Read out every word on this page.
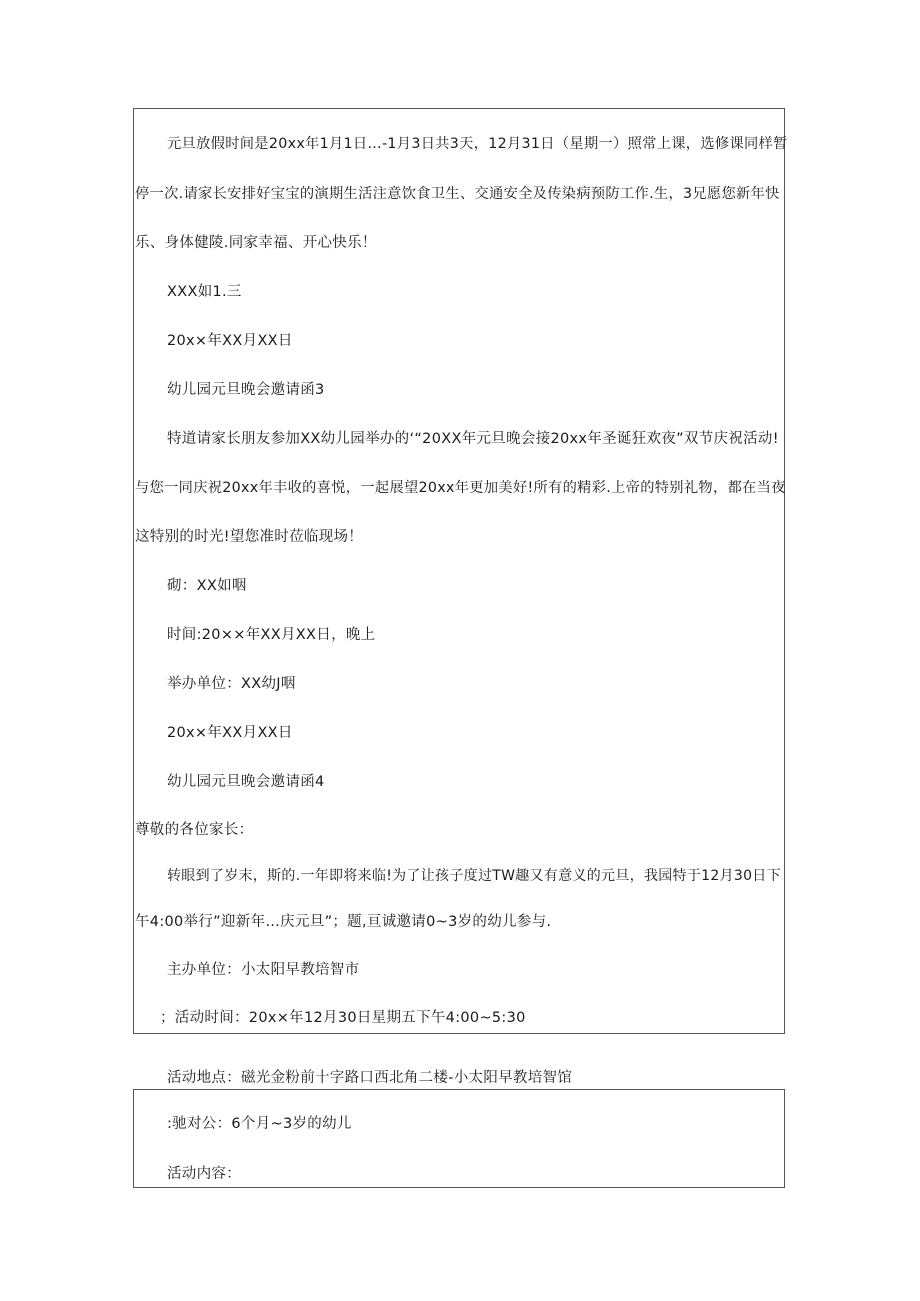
元旦放假时间是20xx年1月1日…-1月3日共3天，12月31日（星期一）照常上课，选修课同样暂
停一次.请家长安排好宝宝的演期生活注意饮食卫生、交通安全及传染病预防工作.生，3兄愿您新年快
乐、身体健陵.同家幸福、开心快乐！
XXX如1.三
20x×年XX月XX日
幼儿园元旦晚会邀请函3
特道请家长朋友参加XX幼儿园举办的‘“20XX年元旦晚会接20xx年圣诞狂欢夜”双节庆祝活动!
与您一同庆祝20xx年丰收的喜悦，一起展望20xx年更加美好!所有的精彩.上帝的特别礼物，都在当夜
这特别的时光!望您准时莅临现场！
砌：XX如咽
时间:20××年XX月XX日，晚上
举办单位：XX幼J咽
20x×年XX月XX日
幼儿园元旦晚会邀请函4
尊敬的各位家长：
转眼到了岁末，斯的.一年即将来临!为了让孩子度过TW趣又有意义的元旦，我园特于12月30日下
午4:00举行”迎新年…庆元旦”；题,亘诚邀请0~3岁的幼儿参与.
主办单位：小太阳早教培智市
；活动时间：20x×年12月30日星期五下午4:00~5:30
活动地点：磁光金粉前十字路口西北角二楼-小太阳早教培智馆
:驰对公：6个月~3岁的幼儿
活动内容：
